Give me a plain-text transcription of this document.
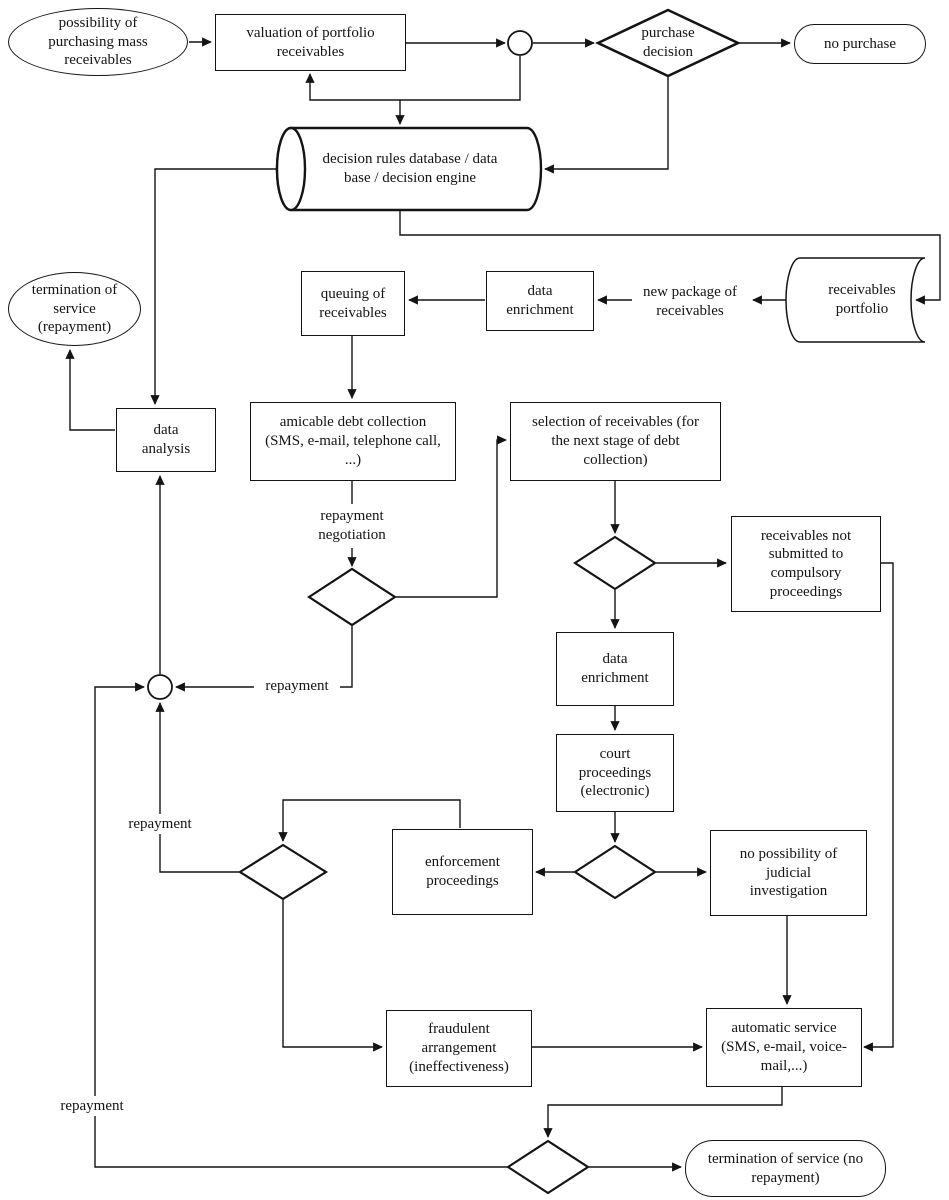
possibility of purchasing mass receivables
valuation of portfolio receivables	no purchase
termination of service (repayment)
queuing of receivables
data enrichment
data analysis
amicable debt collection (SMS, e-mail, telephone call, ...)
selection of receivables (for the next stage of debt collection)
receivables not submitted to compulsory proceedings
data enrichment
court proceedings (electronic)
enforcement proceedings
no possibility of judicial investigation
fraudulent arrangement (ineffectiveness)
automatic service (SMS, e-mail, voice-mail,...)
termination of service (no repayment)
purchase decision
decision rules database / data base / decision engine
receivables portfolio
new package of receivables
repayment negotiation
repayment
repayment
repayment
